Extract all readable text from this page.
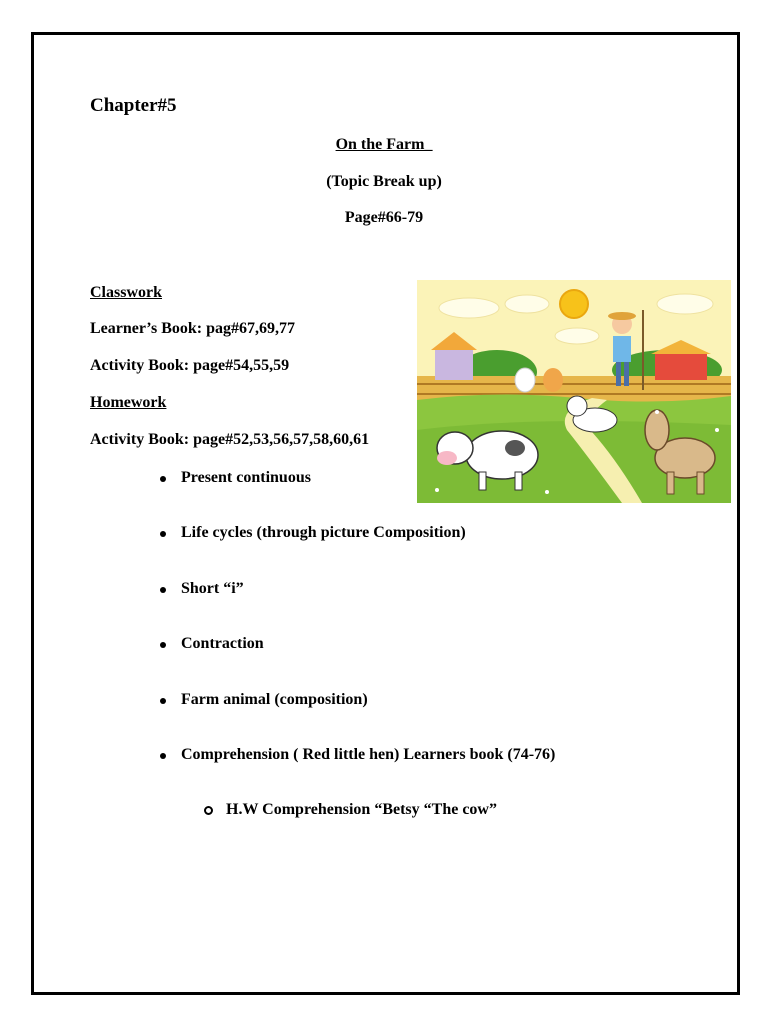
Chapter#5
On the Farm_
(Topic Break up)
Page#66-79
Classwork
Learner’s Book: pag#67,69,77
Activity Book: page#54,55,59
Homework
Activity Book: page#52,53,56,57,58,60,61
Present continuous
Life cycles (through picture Composition)
Short “i”
Contraction
Farm animal (composition)
Comprehension ( Red little hen) Learners book (74-76)
H.W Comprehension “Betsy “The cow”
